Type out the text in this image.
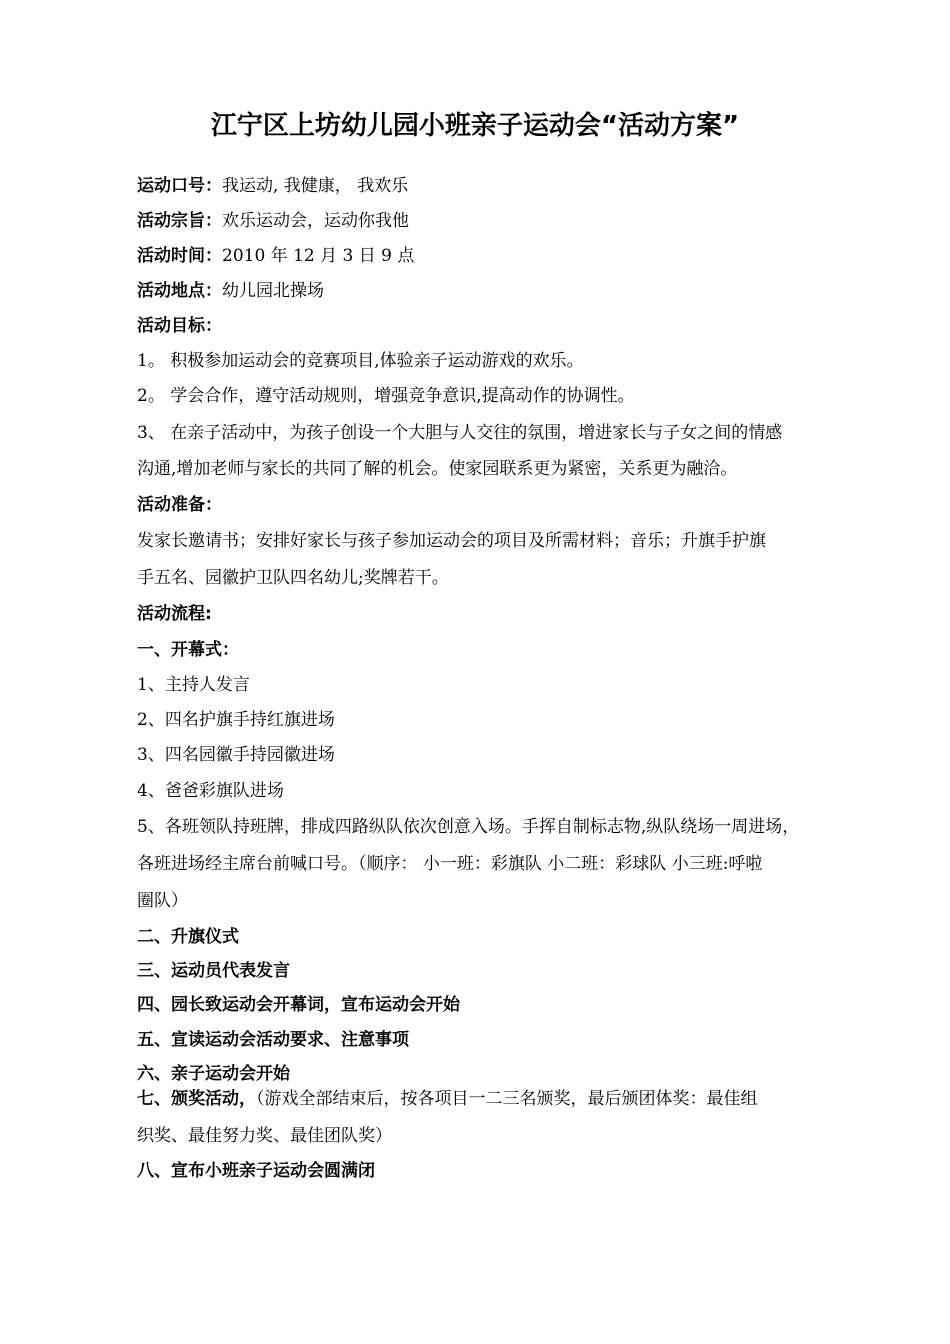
江宁区上坊幼儿园小班亲子运动会“活动方案”
运动口号：我运动, 我健康， 我欢乐
活动宗旨：欢乐运动会，运动你我他
活动时间：2010 年 12 月 3 日 9 点
活动地点：幼儿园北操场
活动目标：
1。 积极参加运动会的竞赛项目,体验亲子运动游戏的欢乐。
2。 学会合作，遵守活动规则，增强竞争意识,提高动作的协调性。
3、 在亲子活动中，为孩子创设一个大胆与人交往的氛围，增进家长与子女之间的情感
沟通,增加老师与家长的共同了解的机会。使家园联系更为紧密，关系更为融洽。
活动准备：
发家长邀请书；安排好家长与孩子参加运动会的项目及所需材料；音乐；升旗手护旗
手五名、园徽护卫队四名幼儿;奖牌若干。
活动流程:
一、开幕式：
1、主持人发言
2、四名护旗手持红旗进场
3、四名园徽手持园徽进场
4、爸爸彩旗队进场
5、各班领队持班牌，排成四路纵队依次创意入场。手挥自制标志物,纵队绕场一周进场，
各班进场经主席台前喊口号。（顺序： 小一班：彩旗队 小二班：彩球队 小三班:呼啦
圈队）
二、升旗仪式
三、运动员代表发言
四、园长致运动会开幕词，宣布运动会开始
五、宣读运动会活动要求、注意事项
六、亲子运动会开始
七、颁奖活动，（游戏全部结束后，按各项目一二三名颁奖，最后颁团体奖：最佳组
织奖、最佳努力奖、最佳团队奖）
八、宣布小班亲子运动会圆满闭
